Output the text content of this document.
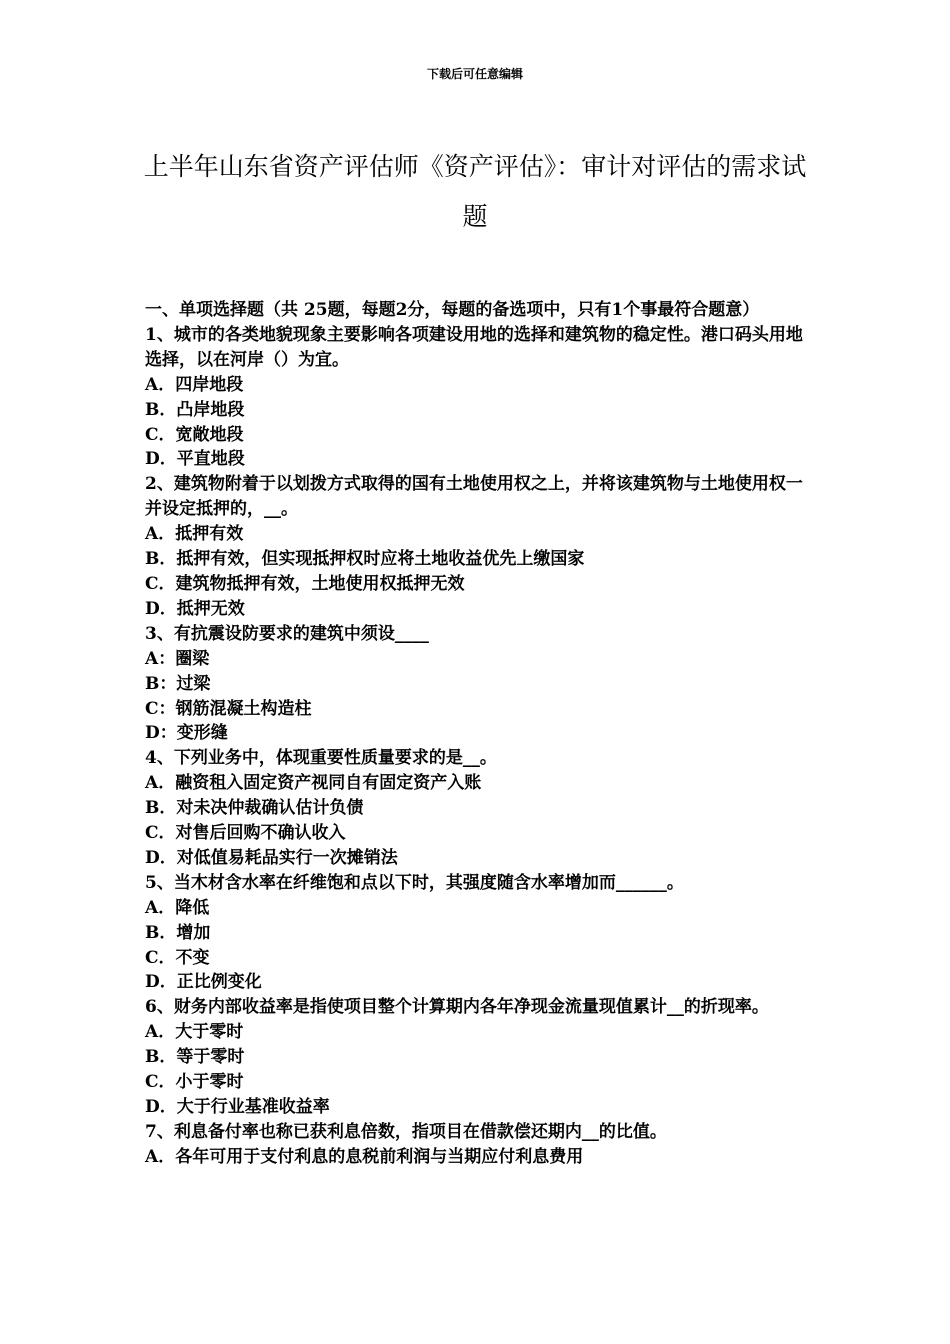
下载后可任意编辑
上半年山东省资产评估师《资产评估》：审计对评估的需求试题

一、单项选择题（共 25题，每题2分，每题的备选项中，只有1个事最符合题意）

1、城市的各类地貌现象主要影响各项建设用地的选择和建筑物的稳定性。港口码头用地选择，以在河岸（）为宜。

A．四岸地段

B．凸岸地段

C．宽敞地段

D．平直地段

2、建筑物附着于以划拨方式取得的国有土地使用权之上，并将该建筑物与土地使用权一并设定抵押的，__。

A．抵押有效

B．抵押有效，但实现抵押权时应将土地收益优先上缴国家

C．建筑物抵押有效，土地使用权抵押无效

D．抵押无效

3、有抗震设防要求的建筑中须设____

A：圈梁

B：过梁

C：钢筋混凝土构造柱

D：变形缝

4、下列业务中，体现重要性质量要求的是__。

A．融资租入固定资产视同自有固定资产入账

B．对未决仲裁确认估计负债

C．对售后回购不确认收入

D．对低值易耗品实行一次摊销法

5、当木材含水率在纤维饱和点以下时，其强度随含水率增加而______。

A．降低

B．增加

C．不变

D．正比例变化

6、财务内部收益率是指使项目整个计算期内各年净现金流量现值累计__的折现率。

A．大于零时

B．等于零时

C．小于零时

D．大于行业基准收益率

7、利息备付率也称已获利息倍数，指项目在借款偿还期内__的比值。

A．各年可用于支付利息的息税前利润与当期应付利息费用
